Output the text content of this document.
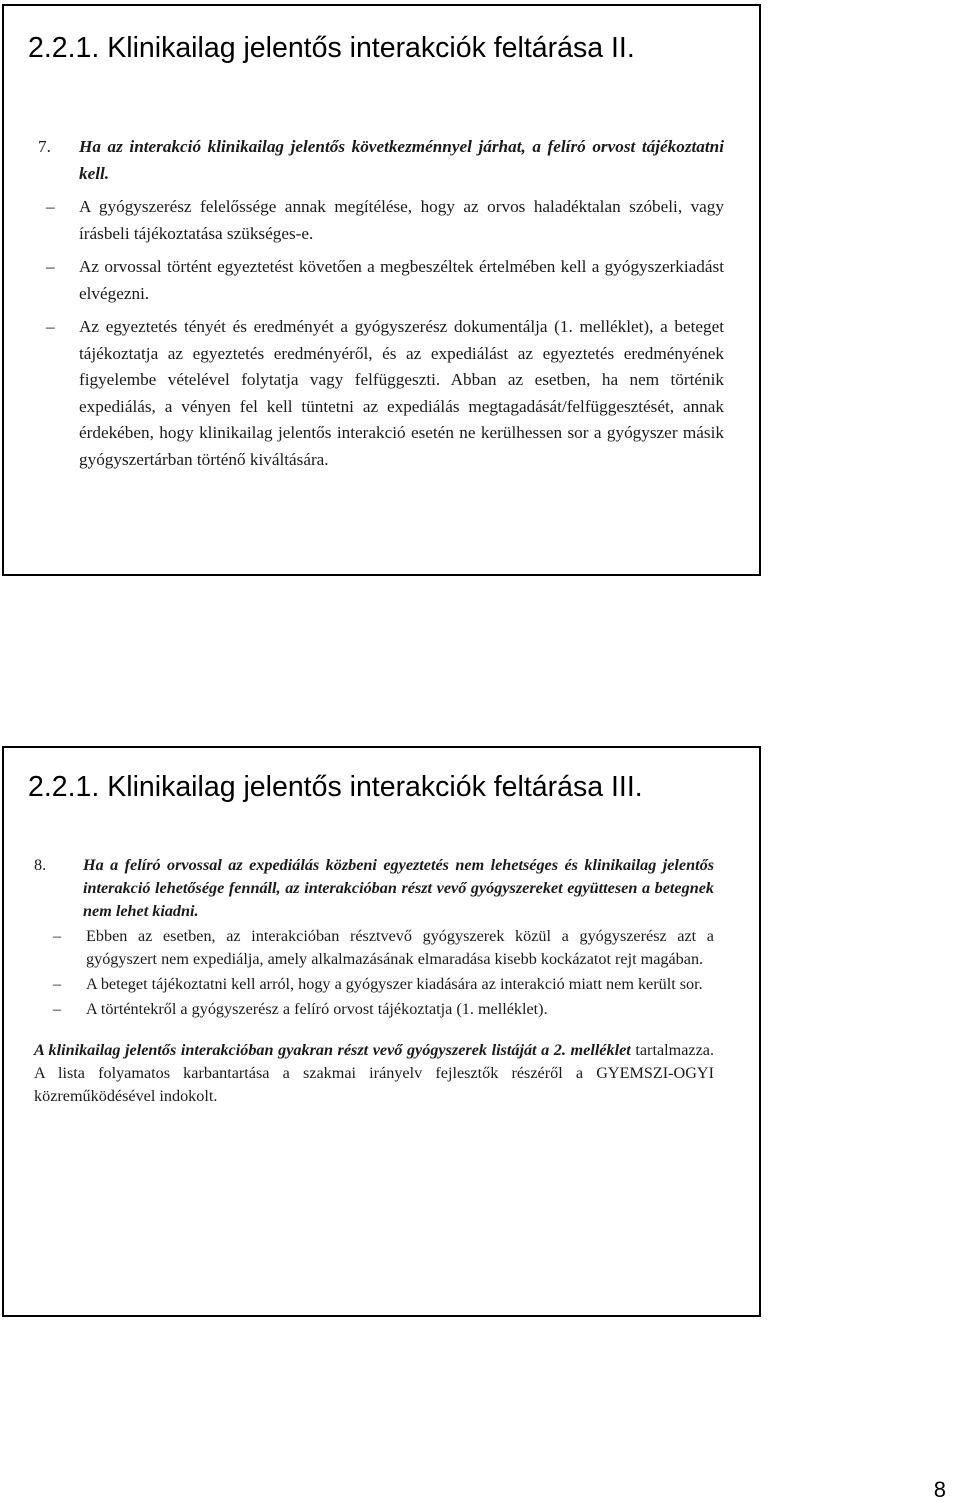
2.2.1. Klinikailag jelentős interakciók feltárása II.
7. Ha az interakció klinikailag jelentős következménnyel járhat, a felíró orvost tájékoztatni kell.
– A gyógyszerész felelőssége annak megítélése, hogy az orvos haladéktalan szóbeli, vagy írásbeli tájékoztatása szükséges-e.
– Az orvossal történt egyeztetést követően a megbeszéltek értelmében kell a gyógyszerkiadást elvégezni.
– Az egyeztetés tényét és eredményét a gyógyszerész dokumentálja (1. melléklet), a beteget tájékoztatja az egyeztetés eredményéről, és az expediálást az egyeztetés eredményének figyelembe vételével folytatja vagy felfüggeszti. Abban az esetben, ha nem történik expediálás, a vényen fel kell tüntetni az expediálás megtagadását/felfüggesztését, annak érdekében, hogy klinikailag jelentős interakció esetén ne kerülhessen sor a gyógyszer másik gyógyszertárban történő kiváltására.
2.2.1. Klinikailag jelentős interakciók feltárása III.
8. Ha a felíró orvossal az expediálás közbeni egyeztetés nem lehetséges és klinikailag jelentős interakció lehetősége fennáll, az interakcióban részt vevő gyógyszereket együttesen a betegnek nem lehet kiadni.
– Ebben az esetben, az interakcióban résztvevő gyógyszerek közül a gyógyszerész azt a gyógyszert nem expediálja, amely alkalmazásának elmaradása kisebb kockázatot rejt magában.
– A beteget tájékoztatni kell arról, hogy a gyógyszer kiadására az interakció miatt nem került sor.
– A történtekről a gyógyszerész a felíró orvost tájékoztatja (1. melléklet).
A klinikailag jelentős interakcióban gyakran részt vevő gyógyszerek listáját a 2. melléklet tartalmazza. A lista folyamatos karbantartása a szakmai irányelv fejlesztők részéről a GYEMSZI-OGYI közreműködésével indokolt.
8
